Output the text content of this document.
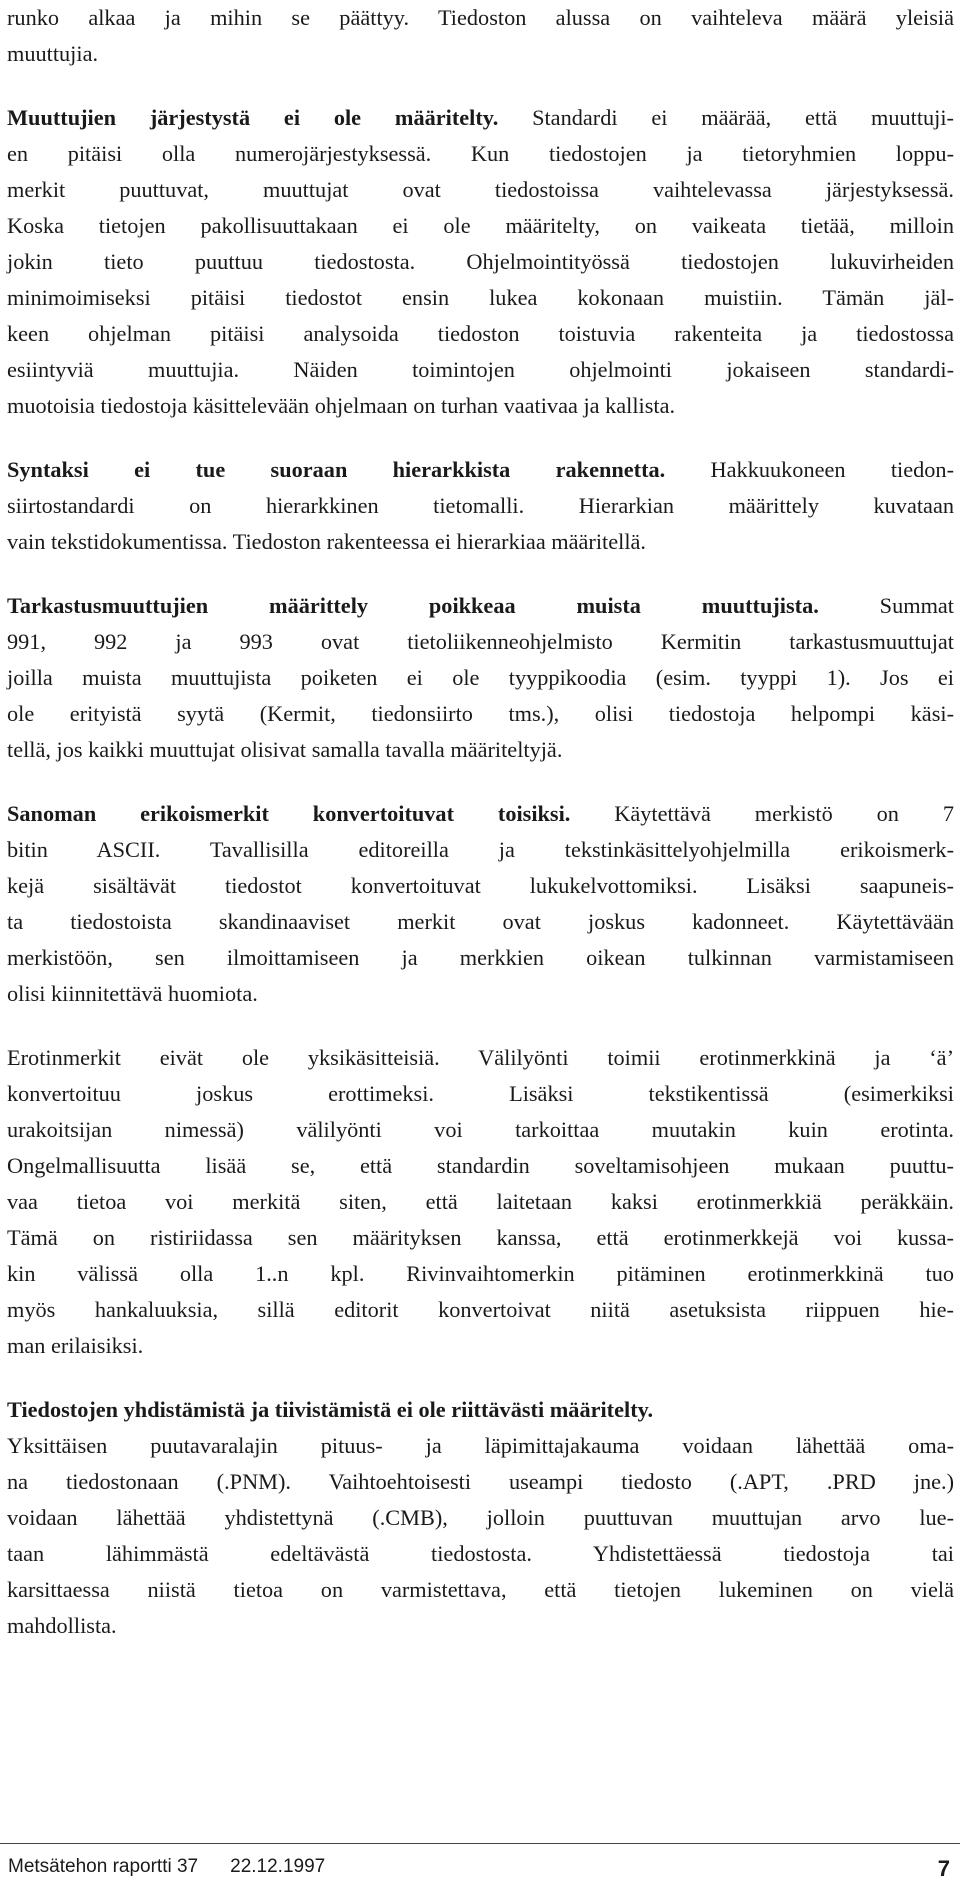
runko alkaa ja mihin se päättyy. Tiedoston alussa on vaihteleva määrä yleisiä
muuttujia.
Muuttujien järjestystä ei ole määritelty. Standardi ei määrää, että muuttuji-
en pitäisi olla numerojärjestyksessä. Kun tiedostojen ja tietoryhmien loppu-
merkit puuttuvat, muuttujat ovat tiedostoissa vaihtelevassa järjestyksessä.
Koska tietojen pakollisuuttakaan ei ole määritelty, on vaikeata tietää, milloin
jokin tieto puuttuu tiedostosta. Ohjelmointityössä tiedostojen lukuvirheiden
minimoimiseksi pitäisi tiedostot ensin lukea kokonaan muistiin. Tämän jäl-
keen ohjelman pitäisi analysoida tiedoston toistuvia rakenteita ja tiedostossa
esiintyviä muuttujia. Näiden toimintojen ohjelmointi jokaiseen standardi-
muotoisia tiedostoja käsittelevään ohjelmaan on turhan vaativaa ja kallista.
Syntaksi ei tue suoraan hierarkkista rakennetta. Hakkuukoneen tiedon-
siirtostandardi on hierarkkinen tietomalli. Hierarkian määrittely kuvataan
vain tekstidokumentissa. Tiedoston rakenteessa ei hierarkiaa määritellä.
Tarkastusmuuttujien määrittely poikkeaa muista muuttujista. Summat
991, 992 ja 993 ovat tietoliikenneohjelmisto Kermitin tarkastusmuuttujat
joilla muista muuttujista poiketen ei ole tyyppikoodia (esim. tyyppi 1). Jos ei
ole erityistä syytä (Kermit, tiedonsiirto tms.), olisi tiedostoja helpompi käsi-
tellä, jos kaikki muuttujat olisivat samalla tavalla määriteltyjä.
Sanoman erikoismerkit konvertoituvat toisiksi. Käytettävä merkistö on 7
bitin ASCII. Tavallisilla editoreilla ja tekstinkäsittelyohjelmilla erikoismerk-
kejä sisältävät tiedostot konvertoituvat lukukelvottomiksi. Lisäksi saapuneis-
ta tiedostoista skandinaaviset merkit ovat joskus kadonneet. Käytettävään
merkistöön, sen ilmoittamiseen ja merkkien oikean tulkinnan varmistamiseen
olisi kiinnitettävä huomiota.
Erotinmerkit eivät ole yksikäsitteisiä. Välilyönti toimii erotinmerkkinä ja ‘ä’
konvertoituu joskus erottimeksi. Lisäksi tekstikentissä (esimerkiksi
urakoitsijan nimessä) välilyönti voi tarkoittaa muutakin kuin erotinta.
Ongelmallisuutta lisää se, että standardin soveltamisohjeen mukaan puuttu-
vaa tietoa voi merkitä siten, että laitetaan kaksi erotinmerkkiä peräkkäin.
Tämä on ristiriidassa sen määrityksen kanssa, että erotinmerkkejä voi kussa-
kin välissä olla 1..n kpl. Rivinvaihtomerkin pitäminen erotinmerkkinä tuo
myös hankaluuksia, sillä editorit konvertoivat niitä asetuksista riippuen hie-
man erilaisiksi.
Tiedostojen yhdistämistä ja tiivistämistä ei ole riittävästi määritelty.
Yksittäisen puutavaralajin pituus- ja läpimittajakauma voidaan lähettää oma-
na tiedostonaan (.PNM). Vaihtoehtoisesti useampi tiedosto (.APT, .PRD jne.)
voidaan lähettää yhdistettynä (.CMB), jolloin puuttuvan muuttujan arvo lue-
taan lähimmästä edeltävästä tiedostosta. Yhdistettäessä tiedostoja tai
karsittaessa niistä tietoa on varmistettava, että tietojen lukeminen on vielä
mahdollista.
Metsätehon raportti 37 22.12.1997	7
